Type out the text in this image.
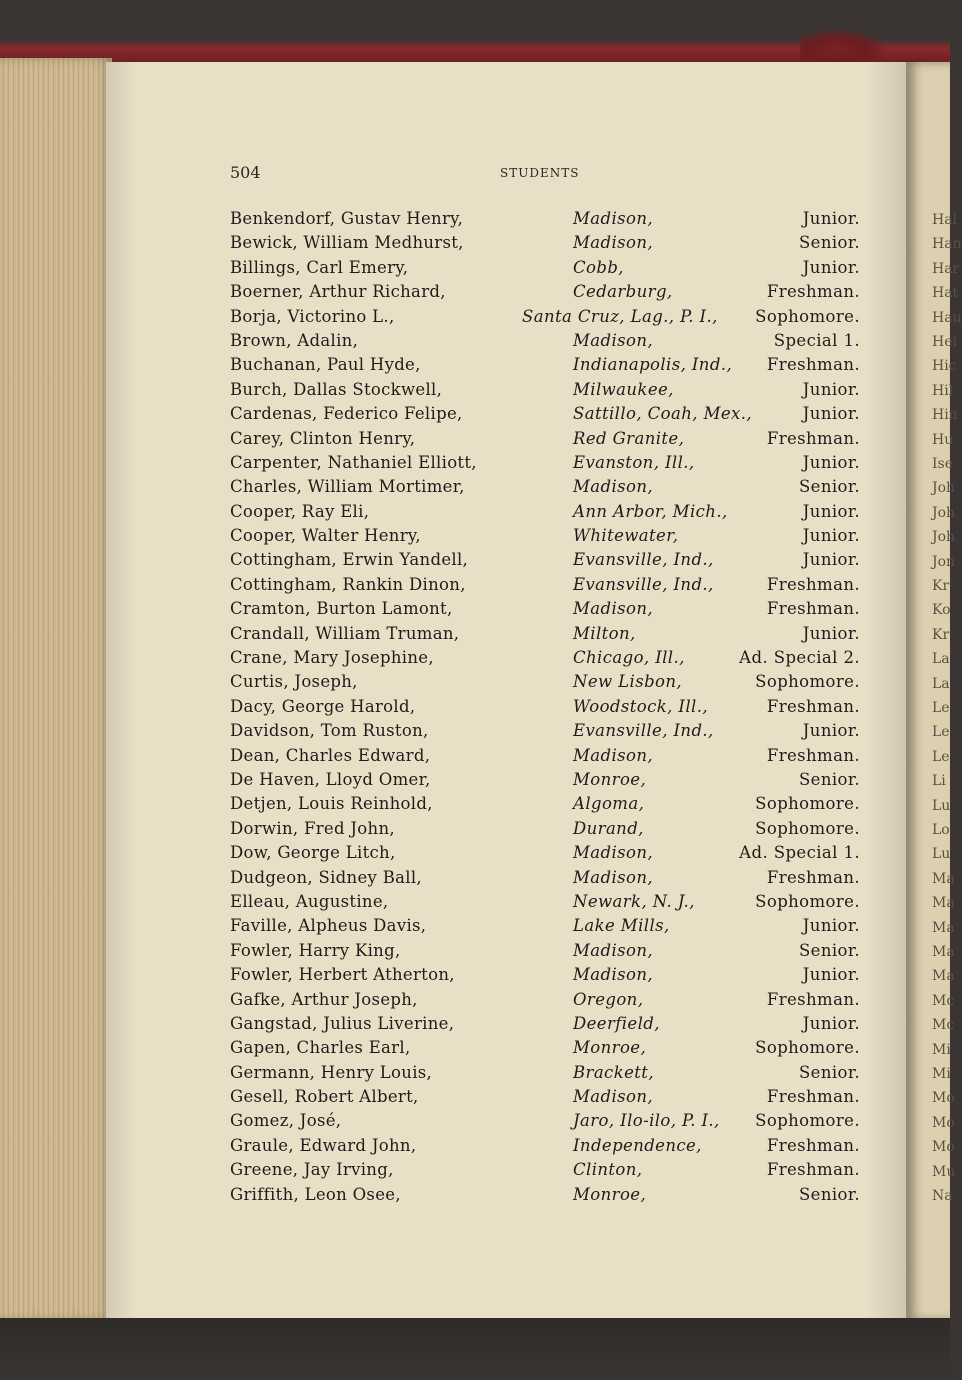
Hal
Han
Har
Hat
Hau
Hei
Hic
Hil
Hin
Hu
Ise
Joh
Joh
Joh
Jon
Kr
Ko
Kr
La
La
Le
Le
Le
Li
Lu
Lo
Lu
Ma
Ma
Ma
Ma
Ma
Mc
Mc
Mi
Mi
Mo
Mo
Mo
Mu
Na
504	STUDENTS
Benkendorf, Gustav Henry,	Madison,	Junior.
Bewick, William Medhurst,	Madison,	Senior.
Billings, Carl Emery,	Cobb,	Junior.
Boerner, Arthur Richard,	Cedarburg,	Freshman.
Borja, Victorino L.,	Santa Cruz, Lag., P. I., Sophomore.
Brown, Adalin,	Madison,	Special 1.
Buchanan, Paul Hyde,	Indianapolis, Ind., Freshman.
Burch, Dallas Stockwell,	Milwaukee,	Junior.
Cardenas, Federico Felipe,	Sattillo, Coah, Mex.,	Junior.
Carey, Clinton Henry,	Red Granite,	Freshman.
Carpenter, Nathaniel Elliott,	Evanston, Ill.,	Junior.
Charles, William Mortimer,	Madison,	Senior.
Cooper, Ray Eli,	Ann Arbor, Mich.,	Junior.
Cooper, Walter Henry,	Whitewater,	Junior.
Cottingham, Erwin Yandell,	Evansville, Ind.,	Junior.
Cottingham, Rankin Dinon,	Evansville, Ind.,	Freshman.
Cramton, Burton Lamont,	Madison,	Freshman.
Crandall, William Truman,	Milton,	Junior.
Crane, Mary Josephine,	Chicago, Ill.,	Ad. Special 2.
Curtis, Joseph,	New Lisbon,	Sophomore.
Dacy, George Harold,	Woodstock, Ill.,	Freshman.
Davidson, Tom Ruston,	Evansville, Ind.,	Junior.
Dean, Charles Edward,	Madison,	Freshman.
De Haven, Lloyd Omer,	Monroe,	Senior.
Detjen, Louis Reinhold,	Algoma,	Sophomore.
Dorwin, Fred John,	Durand,	Sophomore.
Dow, George Litch,	Madison,	Ad. Special 1.
Dudgeon, Sidney Ball,	Madison,	Freshman.
Elleau, Augustine,	Newark, N. J.,	Sophomore.
Faville, Alpheus Davis,	Lake Mills,	Junior.
Fowler, Harry King,	Madison,	Senior.
Fowler, Herbert Atherton,	Madison,	Junior.
Gafke, Arthur Joseph,	Oregon,	Freshman.
Gangstad, Julius Liverine,	Deerfield,	Junior.
Gapen, Charles Earl,	Monroe,	Sophomore.
Germann, Henry Louis,	Brackett,	Senior.
Gesell, Robert Albert,	Madison,	Freshman.
Gomez, José,	Jaro, Ilo-ilo, P. I., Sophomore.
Graule, Edward John,	Independence,	Freshman.
Greene, Jay Irving,	Clinton,	Freshman.
Griffith, Leon Osee,	Monroe,	Senior.
